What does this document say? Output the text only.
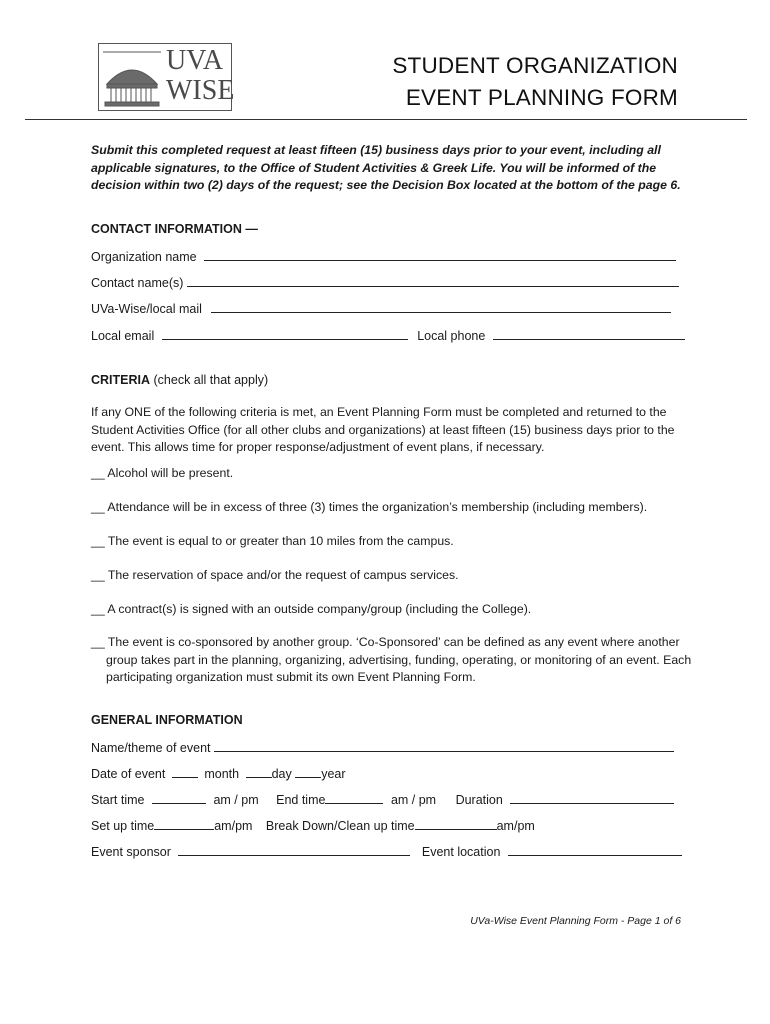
UVA
WISE
STUDENT ORGANIZATION
EVENT PLANNING FORM
Submit this completed request at least fifteen (15) business days prior to your event, including all applicable signatures, to the Office of Student Activities & Greek Life. You will be informed of the decision within two (2) days of the request; see the Decision Box located at the bottom of the page 6.
CONTACT INFORMATION —
Organization name
Contact name(s)
UVa-Wise/local mail
Local email	Local phone
CRITERIA (check all that apply)
If any ONE of the following criteria is met, an Event Planning Form must be completed and returned to the Student Activities Office (for all other clubs and organizations) at least fifteen (15) business days prior to the event. This allows time for proper response/adjustment of event plans, if necessary.
__ Alcohol will be present.
__ Attendance will be in excess of three (3) times the organization’s membership (including members).
__ The event is equal to or greater than 10 miles from the campus.
__ The reservation of space and/or the request of campus services.
__ A contract(s) is signed with an outside company/group (including the College).
__ The event is co-sponsored by another group. ‘Co-Sponsored’ can be defined as any event where another group takes part in the planning, organizing, advertising, funding, operating, or monitoring of an event. Each participating organization must submit its own Event Planning Form.
GENERAL INFORMATION
Name/theme of event
Date of event	month	day year
Start time	am / pm End time	am / pm Duration
Set up time	am/pm Break Down/Clean up time	am/pm
Event sponsor	Event location
UVa-Wise Event Planning Form - Page 1 of 6
